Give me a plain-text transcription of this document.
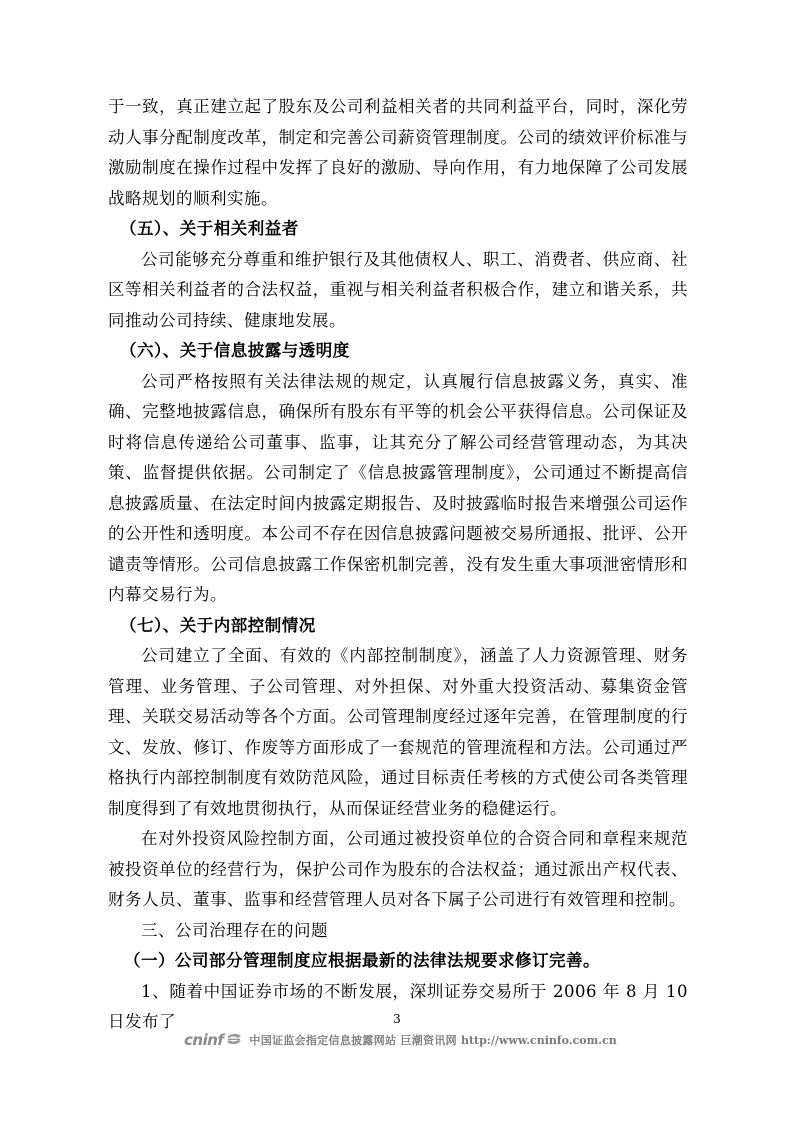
于一致，真正建立起了股东及公司利益相关者的共同利益平台，同时，深化劳动人事分配制度改革，制定和完善公司薪资管理制度。公司的绩效评价标准与激励制度在操作过程中发挥了良好的激励、导向作用，有力地保障了公司发展战略规划的顺利实施。

（五）、关于相关利益者

公司能够充分尊重和维护银行及其他债权人、职工、消费者、供应商、社区等相关利益者的合法权益，重视与相关利益者积极合作，建立和谐关系，共同推动公司持续、健康地发展。

（六）、关于信息披露与透明度

公司严格按照有关法律法规的规定，认真履行信息披露义务，真实、准确、完整地披露信息，确保所有股东有平等的机会公平获得信息。公司保证及时将信息传递给公司董事、监事，让其充分了解公司经营管理动态，为其决策、监督提供依据。公司制定了《信息披露管理制度》，公司通过不断提高信息披露质量、在法定时间内披露定期报告、及时披露临时报告来增强公司运作的公开性和透明度。本公司不存在因信息披露问题被交易所通报、批评、公开谴责等情形。公司信息披露工作保密机制完善，没有发生重大事项泄密情形和内幕交易行为。

（七）、关于内部控制情况

公司建立了全面、有效的《内部控制制度》，涵盖了人力资源管理、财务管理、业务管理、子公司管理、对外担保、对外重大投资活动、募集资金管理、关联交易活动等各个方面。公司管理制度经过逐年完善，在管理制度的行文、发放、修订、作废等方面形成了一套规范的管理流程和方法。公司通过严格执行内部控制制度有效防范风险，通过目标责任考核的方式使公司各类管理制度得到了有效地贯彻执行，从而保证经营业务的稳健运行。

在对外投资风险控制方面，公司通过被投资单位的合资合同和章程来规范被投资单位的经营行为，保护公司作为股东的合法权益；通过派出产权代表、财务人员、董事、监事和经营管理人员对各下属子公司进行有效管理和控制。

三、公司治理存在的问题

（一）公司部分管理制度应根据最新的法律法规要求修订完善。

1、随着中国证券市场的不断发展，深圳证券交易所于 2006 年 8 月 10 日发布了	3
cninf 中国证监会指定信息披露网站 巨潮资讯网 http://www.cninfo.com.cn
